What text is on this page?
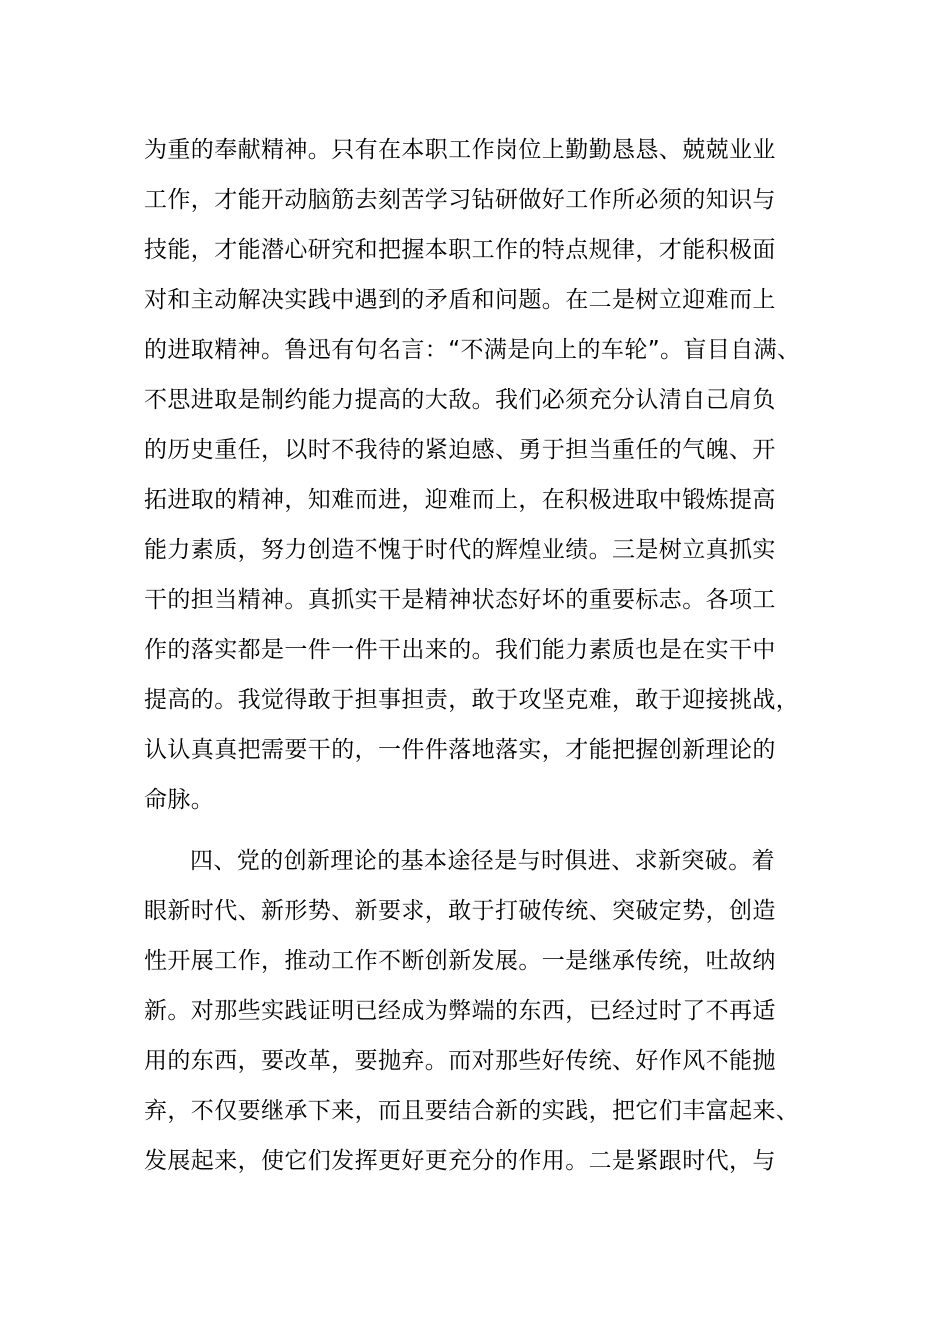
为重的奉献精神。只有在本职工作岗位上勤勤恳恳、兢兢业业
工作，才能开动脑筋去刻苦学习钻研做好工作所必须的知识与
技能，才能潜心研究和把握本职工作的特点规律，才能积极面
对和主动解决实践中遇到的矛盾和问题。在二是树立迎难而上
的进取精神。鲁迅有句名言：“不满是向上的车轮”。盲目自满、
不思进取是制约能力提高的大敌。我们必须充分认清自己肩负
的历史重任，以时不我待的紧迫感、勇于担当重任的气魄、开
拓进取的精神，知难而进，迎难而上，在积极进取中锻炼提高
能力素质，努力创造不愧于时代的辉煌业绩。三是树立真抓实
干的担当精神。真抓实干是精神状态好坏的重要标志。各项工
作的落实都是一件一件干出来的。我们能力素质也是在实干中
提高的。我觉得敢于担事担责，敢于攻坚克难，敢于迎接挑战，
认认真真把需要干的，一件件落地落实，才能把握创新理论的
命脉。
四、党的创新理论的基本途径是与时俱进、求新突破。着
眼新时代、新形势、新要求，敢于打破传统、突破定势，创造
性开展工作，推动工作不断创新发展。一是继承传统，吐故纳
新。对那些实践证明已经成为弊端的东西，已经过时了不再适
用的东西，要改革，要抛弃。而对那些好传统、好作风不能抛
弃，不仅要继承下来，而且要结合新的实践，把它们丰富起来、
发展起来，使它们发挥更好更充分的作用。二是紧跟时代，与
